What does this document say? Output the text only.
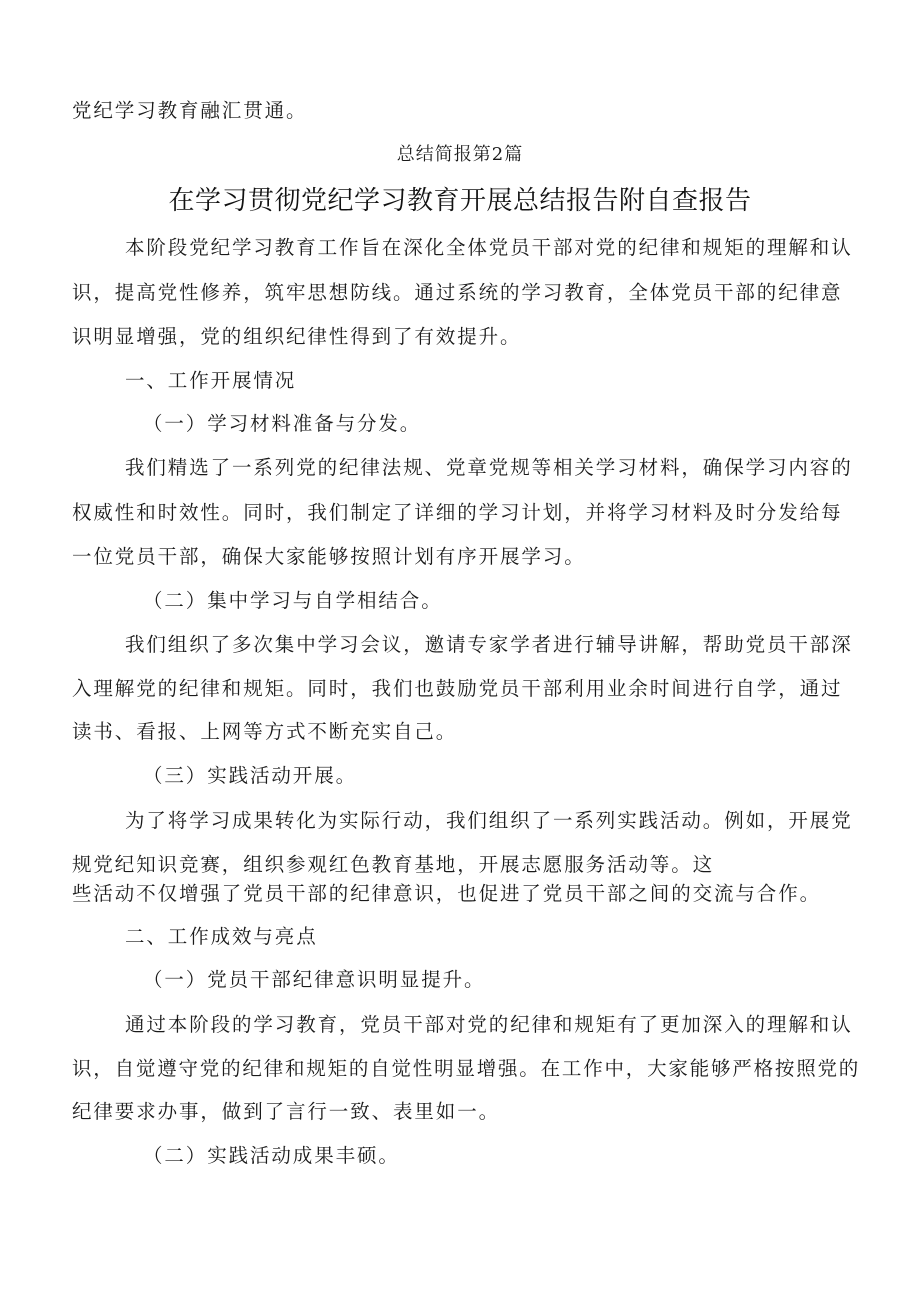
党纪学习教育融汇贯通。
总结简报第2篇
在学习贯彻党纪学习教育开展总结报告附自查报告
本阶段党纪学习教育工作旨在深化全体党员干部对党的纪律和规矩的理解和认
识，提高党性修养，筑牢思想防线。通过系统的学习教育，全体党员干部的纪律意
识明显增强，党的组织纪律性得到了有效提升。
一、工作开展情况
（一）学习材料准备与分发。
我们精选了一系列党的纪律法规、党章党规等相关学习材料，确保学习内容的
权威性和时效性。同时，我们制定了详细的学习计划，并将学习材料及时分发给每
一位党员干部，确保大家能够按照计划有序开展学习。
（二）集中学习与自学相结合。
我们组织了多次集中学习会议，邀请专家学者进行辅导讲解，帮助党员干部深
入理解党的纪律和规矩。同时，我们也鼓励党员干部利用业余时间进行自学，通过
读书、看报、上网等方式不断充实自己。
（三）实践活动开展。
为了将学习成果转化为实际行动，我们组织了一系列实践活动。例如，开展党
规党纪知识竞赛，组织参观红色教育基地，开展志愿服务活动等。这
些活动不仅增强了党员干部的纪律意识，也促进了党员干部之间的交流与合作。
二、工作成效与亮点
（一）党员干部纪律意识明显提升。
通过本阶段的学习教育，党员干部对党的纪律和规矩有了更加深入的理解和认
识，自觉遵守党的纪律和规矩的自觉性明显增强。在工作中，大家能够严格按照党的
纪律要求办事，做到了言行一致、表里如一。
（二）实践活动成果丰硕。
